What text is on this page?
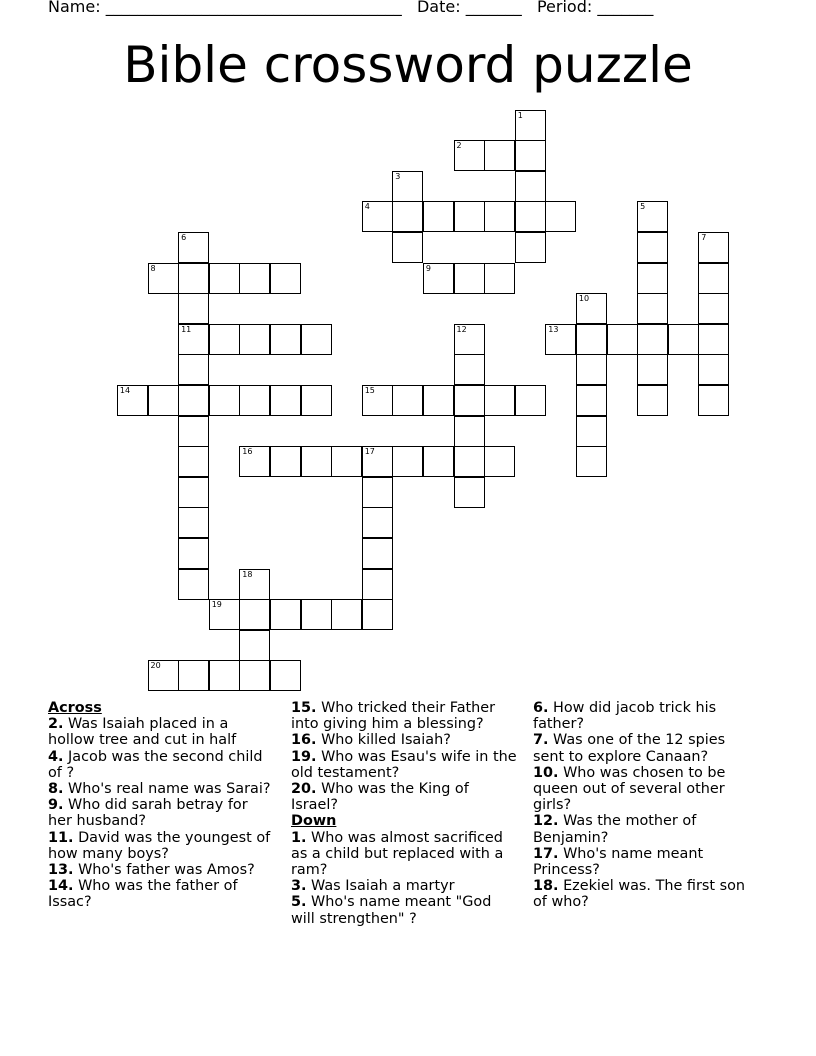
Name: _____________________________________ Date: _______ Period: _______
Bible crossword puzzle
1
2
3
4	5
6	7
8	9
10
11	12	13
14	15
16	17
18
19
20
Across
2. Was Isaiah placed in a hollow tree and cut in half
4. Jacob was the second child of ?
8. Who's real name was Sarai?
9. Who did sarah betray for her husband?
11. David was the youngest of how many boys?
13. Who's father was Amos?
14. Who was the father of Issac?
15. Who tricked their Father into giving him a blessing?
16. Who killed Isaiah?
19. Who was Esau's wife in the old testament?
20. Who was the King of Israel?
Down
1. Who was almost sacrificed as a child but replaced with a ram?
3. Was Isaiah a martyr
5. Who's name meant "God will strengthen" ?
6. How did jacob trick his father?
7. Was one of the 12 spies sent to explore Canaan?
10. Who was chosen to be queen out of several other girls?
12. Was the mother of Benjamin?
17. Who's name meant Princess?
18. Ezekiel was. The first son of who?
